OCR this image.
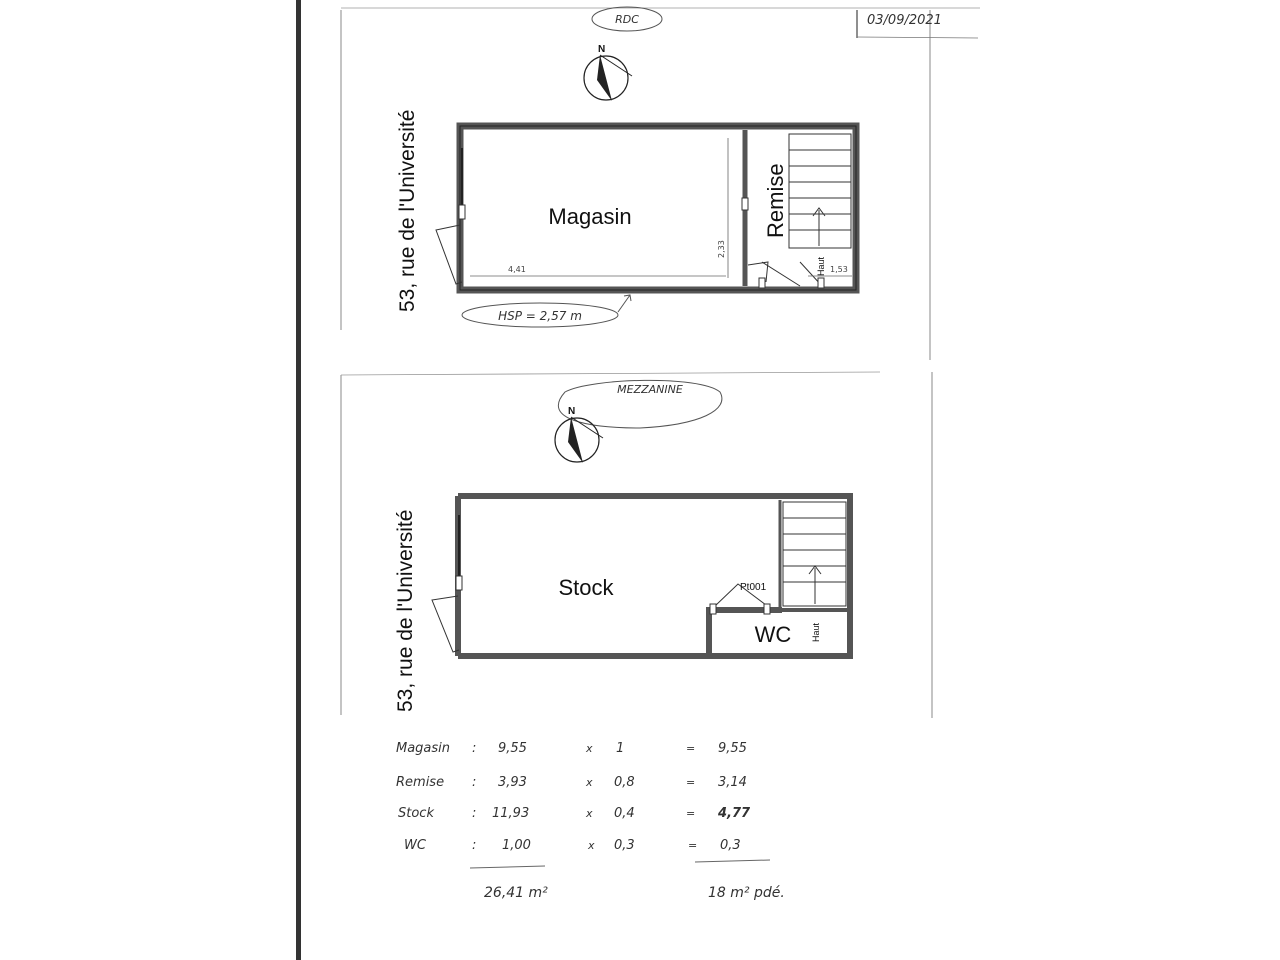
RDC	03/09/2021
N
53, rue de l'Université	Haut
Magasin	Remise
4,41
2,33
1,53
HSP = 2,57 m
MEZZANINE
N
53, rue de l'Université	Haut
Pt001
Stock
WC
Magasin : 9,55	x 1	= 9,55
Remise : 3,93	x 0,8	= 3,14
Stock	: 11,93	x 0,4	= 4,77
WC	: 1,00	x 0,3	= 0,3
26,41 m²	18 m² pdé.
